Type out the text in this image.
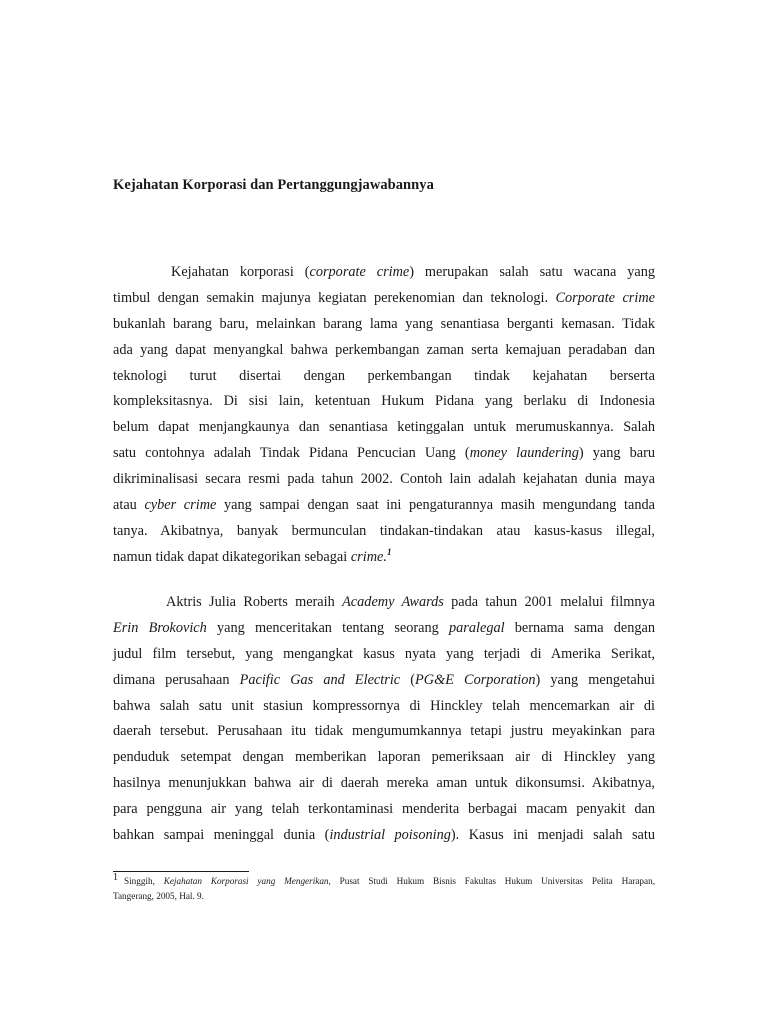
Kejahatan Korporasi dan Pertanggungjawabannya
Kejahatan korporasi (corporate crime) merupakan salah satu wacana yang
timbul dengan semakin majunya kegiatan perekenomian dan teknologi. Corporate crime
bukanlah barang baru, melainkan barang lama yang senantiasa berganti kemasan. Tidak
ada yang dapat menyangkal bahwa perkembangan zaman serta kemajuan peradaban dan
teknologi turut disertai dengan perkembangan tindak kejahatan berserta
kompleksitasnya. Di sisi lain, ketentuan Hukum Pidana yang berlaku di Indonesia
belum dapat menjangkaunya dan senantiasa ketinggalan untuk merumuskannya. Salah
satu contohnya adalah Tindak Pidana Pencucian Uang (money laundering) yang baru
dikriminalisasi secara resmi pada tahun 2002. Contoh lain adalah kejahatan dunia maya
atau cyber crime yang sampai dengan saat ini pengaturannya masih mengundang tanda
tanya. Akibatnya, banyak bermunculan tindakan-tindakan atau kasus-kasus illegal,
namun tidak dapat dikategorikan sebagai crime.$^1$
Aktris Julia Roberts meraih Academy Awards pada tahun 2001 melalui filmnya
Erin Brokovich yang menceritakan tentang seorang paralegal bernama sama dengan
judul film tersebut, yang mengangkat kasus nyata yang terjadi di Amerika Serikat,
dimana perusahaan Pacific Gas and Electric (PG&E Corporation) yang mengetahui
bahwa salah satu unit stasiun kompressornya di Hinckley telah mencemarkan air di
daerah tersebut. Perusahaan itu tidak mengumumkannya tetapi justru meyakinkan para
penduduk setempat dengan memberikan laporan pemeriksaan air di Hinckley yang
hasilnya menunjukkan bahwa air di daerah mereka aman untuk dikonsumsi. Akibatnya,
para pengguna air yang telah terkontaminasi menderita berbagai macam penyakit dan
bahkan sampai meninggal dunia (industrial poisoning). Kasus ini menjadi salah satu
1 Singgih, Kejahatan Korporasi yang Mengerikan, Pusat Studi Hukum Bisnis Fakultas Hukum Universitas Pelita Harapan,
Tangerang, 2005, Hal. 9.
